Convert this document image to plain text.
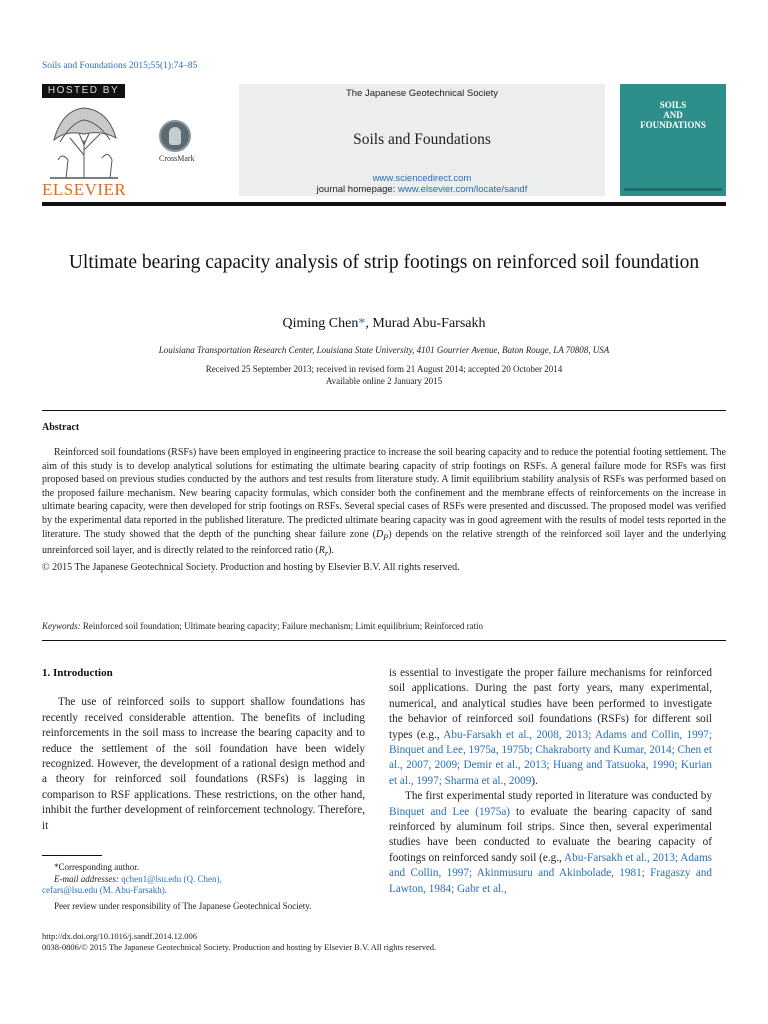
Soils and Foundations 2015;55(1):74–85
HOSTED BY
ELSEVIER
CrossMark
The Japanese Geotechnical Society
Soils and Foundations
www.sciencedirect.com
journal homepage: www.elsevier.com/locate/sandf
SOILS
AND
FOUNDATIONS
Ultimate bearing capacity analysis of strip footings on reinforced soil foundation
Qiming Chen*, Murad Abu-Farsakh
Louisiana Transportation Research Center, Louisiana State University, 4101 Gourrier Avenue, Baton Rouge, LA 70808, USA
Received 25 September 2013; received in revised form 21 August 2014; accepted 20 October 2014
Available online 2 January 2015
Abstract

Reinforced soil foundations (RSFs) have been employed in engineering practice to increase the soil bearing capacity and to reduce the potential footing settlement. The aim of this study is to develop analytical solutions for estimating the ultimate bearing capacity of strip footings on RSFs. A general failure mode for RSFs was first proposed based on previous studies conducted by the authors and test results from literature study. A limit equilibrium stability analysis of RSFs was performed based on the proposed failure mechanism. New bearing capacity formulas, which consider both the confinement and the membrane effects of reinforcements on the increase in ultimate bearing capacity, were then developed for strip footings on RSFs. Several special cases of RSFs were presented and discussed. The proposed model was verified by the experimental data reported in the published literature. The predicted ultimate bearing capacity was in good agreement with the results of model tests reported in the literature. The study showed that the depth of the punching shear failure zone $(D_P)$ depends on the relative strength of the reinforced soil layer and the underlying unreinforced soil layer, and is directly related to the reinforced ratio $(R_r)$.

© 2015 The Japanese Geotechnical Society. Production and hosting by Elsevier B.V. All rights reserved.
Keywords: Reinforced soil foundation; Ultimate bearing capacity; Failure mechanism; Limit equilibrium; Reinforced ratio
1. Introduction

The use of reinforced soils to support shallow foundations has recently received considerable attention. The benefits of including reinforcements in the soil mass to increase the bearing capacity and to reduce the settlement of the soil foundation have been widely recognized. However, the development of a rational design method and a theory for reinforced soil foundations (RSFs) is lagging in comparison to RSF applications. These restrictions, on the other hand, inhibit the further development of reinforcement technology. Therefore, it

is essential to investigate the proper failure mechanisms for reinforced soil applications. During the past forty years, many experimental, numerical, and analytical studies have been performed to investigate the behavior of reinforced soil foundations (RSFs) for different soil types (e.g., Abu-Farsakh et al., 2008, 2013; Adams and Collin, 1997; Binquet and Lee, 1975a, 1975b; Chakraborty and Kumar, 2014; Chen et al., 2007, 2009; Demir et al., 2013; Huang and Tatsuoka, 1990; Kurian et al., 1997; Sharma et al., 2009).

The first experimental study reported in literature was conducted by Binquet and Lee (1975a) to evaluate the bearing capacity of sand reinforced by aluminum foil strips. Since then, several experimental studies have been conducted to evaluate the bearing capacity of footings on reinforced sandy soil (e.g., Abu-Farsakh et al., 2013; Adams and Collin, 1997; Akinmusuru and Akinbolade, 1981; Fragaszy and Lawton, 1984; Gabr et al.,

*Corresponding author.
E-mail addresses: qchen1@lsu.edu (Q. Chen),
cefars@lsu.edu (M. Abu-Farsakh).
Peer review under responsibility of The Japanese Geotechnical Society.
http://dx.doi.org/10.1016/j.sandf.2014.12.006
0038-0806/© 2015 The Japanese Geotechnical Society. Production and hosting by Elsevier B.V. All rights reserved.
